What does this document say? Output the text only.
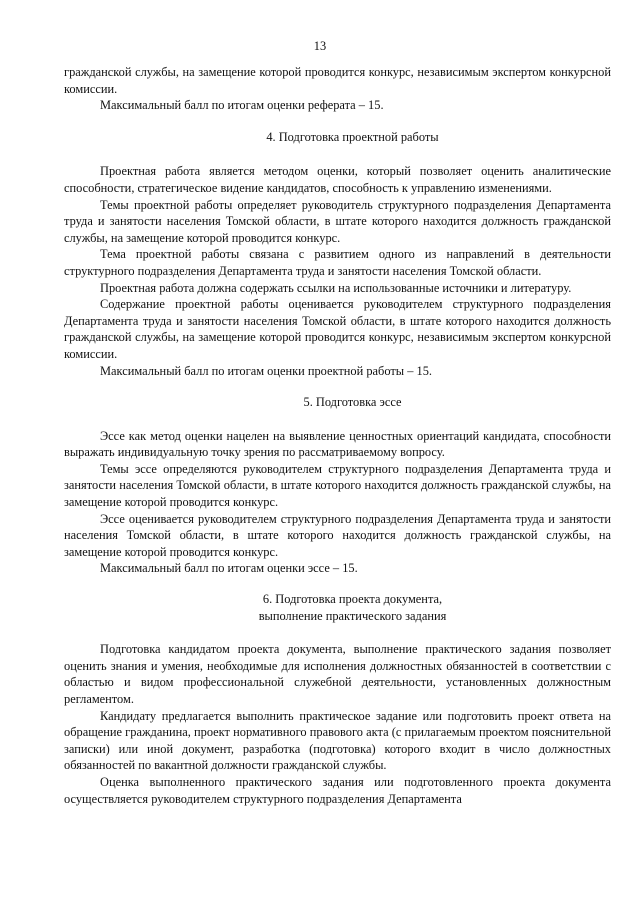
13

гражданской службы, на замещение которой проводится конкурс, независимым экспертом конкурсной комиссии.

Максимальный балл по итогам оценки реферата – 15.

4. Подготовка проектной работы

Проектная работа является методом оценки, который позволяет оценить аналитические способности, стратегическое видение кандидатов, способность к управлению изменениями.

Темы проектной работы определяет руководитель структурного подразделения Департамента труда и занятости населения Томской области, в штате которого находится должность гражданской службы, на замещение которой проводится конкурс.

Тема проектной работы связана с развитием одного из направлений в деятельности структурного подразделения Департамента труда и занятости населения Томской области.

Проектная работа должна содержать ссылки на использованные источники и литературу.

Содержание проектной работы оценивается руководителем структурного подразделения Департамента труда и занятости населения Томской области, в штате которого находится должность гражданской службы, на замещение которой проводится конкурс, независимым экспертом конкурсной комиссии.

Максимальный балл по итогам оценки проектной работы – 15.

5. Подготовка эссе

Эссе как метод оценки нацелен на выявление ценностных ориентаций кандидата, способности выражать индивидуальную точку зрения по рассматриваемому вопросу.

Темы эссе определяются руководителем структурного подразделения Департамента труда и занятости населения Томской области, в штате которого находится должность гражданской службы, на замещение которой проводится конкурс.

Эссе оценивается руководителем структурного подразделения Департамента труда и занятости населения Томской области, в штате которого находится должность гражданской службы, на замещение которой проводится конкурс.

Максимальный балл по итогам оценки эссе – 15.

6. Подготовка проекта документа,
выполнение практического задания

Подготовка кандидатом проекта документа, выполнение практического задания позволяет оценить знания и умения, необходимые для исполнения должностных обязанностей в соответствии с областью и видом профессиональной служебной деятельности, установленных должностным регламентом.

Кандидату предлагается выполнить практическое задание или подготовить проект ответа на обращение гражданина, проект нормативного правового акта (с прилагаемым проектом пояснительной записки) или иной документ, разработка (подготовка) которого входит в число должностных обязанностей по вакантной должности гражданской службы.

Оценка выполненного практического задания или подготовленного проекта документа осуществляется руководителем структурного подразделения Департамента
